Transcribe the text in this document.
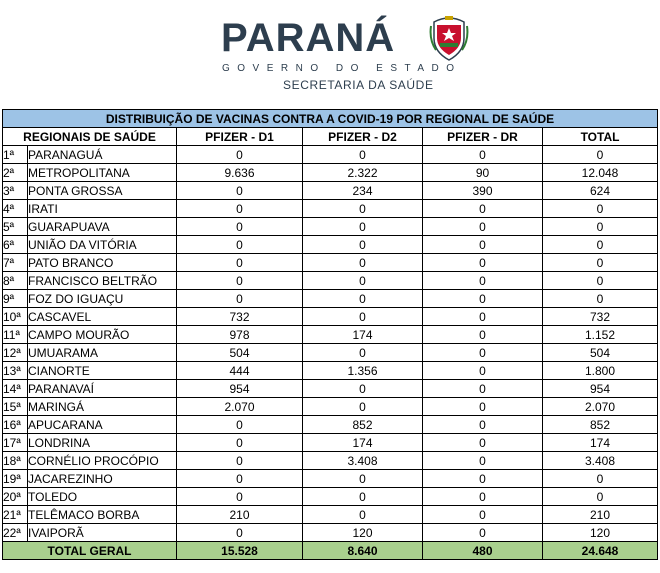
PARANÁ
GOVERNO DO ESTADO
SECRETARIA DA SAÚDE
DISTRIBUIÇÃO DE VACINAS CONTRA A COVID-19 POR REGIONAL DE SAÚDE					
REGIONAIS DE SAÚDE		PFIZER - D1	PFIZER - D2	PFIZER - DR	TOTAL
1ª	PARANAGUÁ	0	0	0	0
2ª	METROPOLITANA	9.636	2.322	90	12.048
3ª	PONTA GROSSA	0	234	390	624
4ª	IRATI	0	0	0	0
5ª	GUARAPUAVA	0	0	0	0
6ª	UNIÃO DA VITÓRIA	0	0	0	0
7ª	PATO BRANCO	0	0	0	0
8ª	FRANCISCO BELTRÃO	0	0	0	0
9ª	FOZ DO IGUAÇU	0	0	0	0
10ª	CASCAVEL	732	0	0	732
11ª	CAMPO MOURÃO	978	174	0	1.152
12ª	UMUARAMA	504	0	0	504
13ª	CIANORTE	444	1.356	0	1.800
14ª	PARANAVAÍ	954	0	0	954
15ª	MARINGÁ	2.070	0	0	2.070
16ª	APUCARANA	0	852	0	852
17ª	LONDRINA	0	174	0	174
18ª	CORNÉLIO PROCÓPIO	0	3.408	0	3.408
19ª	JACAREZINHO	0	0	0	0
20ª	TOLEDO	0	0	0	0
21ª	TELÊMACO BORBA	210	0	0	210
22ª	IVAIPORÃ	0	120	0	120
TOTAL GERAL		15.528	8.640	480	24.648
